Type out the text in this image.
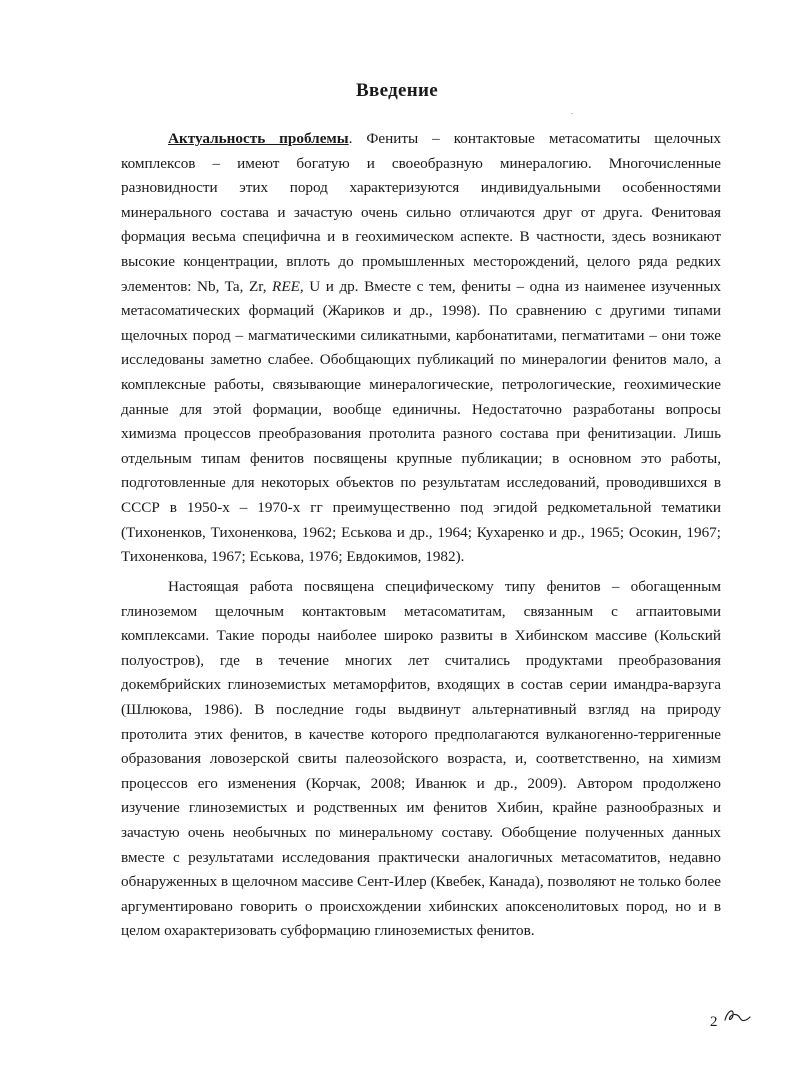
Введение

Актуальность проблемы. Фениты – контактовые метасоматиты щелочных комплексов – имеют богатую и своеобразную минералогию. Многочисленные разновидности этих пород характеризуются индивидуальными особенностями минерального состава и зачастую очень сильно отличаются друг от друга. Фенитовая формация весьма специфична и в геохимическом аспекте. В частности, здесь возникают высокие концентрации, вплоть до промышленных месторождений, целого ряда редких элементов: Nb, Ta, Zr, REE, U и др. Вместе с тем, фениты – одна из наименее изученных метасоматических формаций (Жариков и др., 1998). По сравнению с другими типами щелочных пород – магматическими силикатными, карбонатитами, пегматитами – они тоже исследованы заметно слабее. Обобщающих публикаций по минералогии фенитов мало, а комплексные работы, связывающие минералогические, петрологические, геохимические данные для этой формации, вообще единичны. Недостаточно разработаны вопросы химизма процессов преобразования протолита разного состава при фенитизации. Лишь отдельным типам фенитов посвящены крупные публикации; в основном это работы, подготовленные для некоторых объектов по результатам исследований, проводившихся в СССР в 1950-х – 1970-х гг преимущественно под эгидой редкометальной тематики (Тихоненков, Тихоненкова, 1962; Еськова и др., 1964; Кухаренко и др., 1965; Осокин, 1967; Тихоненкова, 1967; Еськова, 1976; Евдокимов, 1982).

Настоящая работа посвящена специфическому типу фенитов – обогащенным глиноземом щелочным контактовым метасоматитам, связанным с агпаитовыми комплексами. Такие породы наиболее широко развиты в Хибинском массиве (Кольский полуостров), где в течение многих лет считались продуктами преобразования докембрийских глиноземистых метаморфитов, входящих в состав серии имандра-варзуга (Шлюкова, 1986). В последние годы выдвинут альтернативный взгляд на природу протолита этих фенитов, в качестве которого предполагаются вулканогенно-терригенные образования ловозерской свиты палеозойского возраста, и, соответственно, на химизм процессов его изменения (Корчак, 2008; Иванюк и др., 2009). Автором продолжено изучение глиноземистых и родственных им фенитов Хибин, крайне разнообразных и зачастую очень необычных по минеральному составу. Обобщение полученных данных вместе с результатами исследования практически аналогичных метасоматитов, недавно обнаруженных в щелочном массиве Сент-Илер (Квебек, Канада), позволяют не только более аргументировано говорить о происхождении хибинских апоксенолитовых пород, но и в целом охарактеризовать субформацию глиноземистых фенитов.

2
